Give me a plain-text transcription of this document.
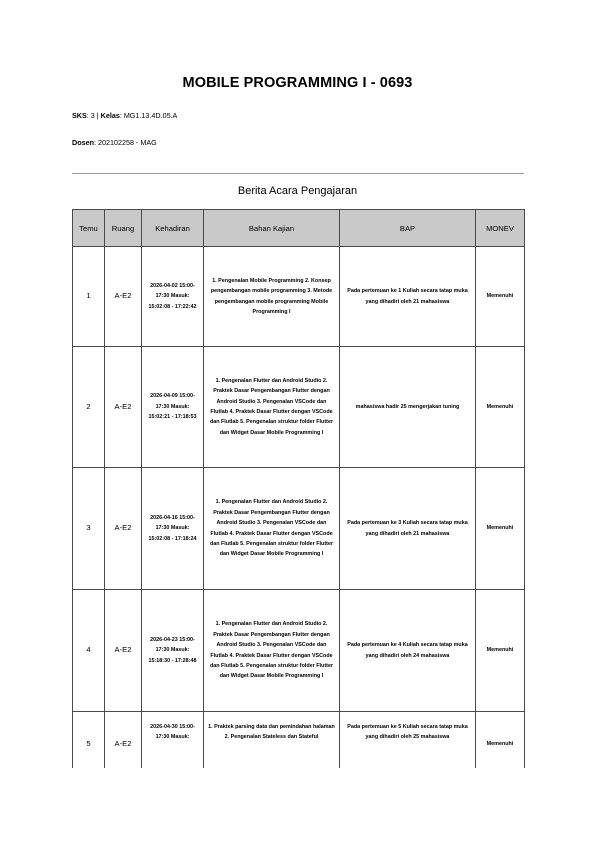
MOBILE PROGRAMMING I - 0693
SKS: 3 | Kelas: MG1.13.4D.05.A
Dosen: 202102258 - MAG
Berita Acara Pengajaran
Temu	Ruang	Kehadiran	Bahan Kajian	BAP	MONEV
1	A-E2	2026-04-02 15:00-17:30 Masuk: 15:02:08 - 17:22:42	1. Pengenalan Mobile Programming 2. Konsep pengembangan mobile programming 3. Metode pengembangan mobile programming Mobile Programming I	Pada pertemuan ke 1 Kuliah secara tatap muka yang dihadiri oleh 21 mahasiswa	Memenuhi
2	A-E2	2026-04-09 15:00-17:30 Masuk: 15:02:21 - 17:18:53	1. Pengenalan Flutter dan Android Studio 2. Praktek Dasar Pengembangan Flutter dengan Android Studio 3. Pengenalan VSCode dan Flutlab 4. Praktek Dasar Flutter dengan VSCode dan Flutlab 5. Pengenalan struktur folder Flutter dan Widget Dasar Mobile Programming I	mahasiswa hadir 25 mengerjakan tuning	Memenuhi
3	A-E2	2026-04-16 15:00-17:30 Masuk: 15:02:08 - 17:18:24	1. Pengenalan Flutter dan Android Studio 2. Praktek Dasar Pengembangan Flutter dengan Android Studio 3. Pengenalan VSCode dan Flutlab 4. Praktek Dasar Flutter dengan VSCode dan Flutlab 5. Pengenalan struktur folder Flutter dan Widget Dasar Mobile Programming I	Pada pertemuan ke 3 Kuliah secara tatap muka yang dihadiri oleh 21 mahasiswa	Memenuhi
4	A-E2	2026-04-23 15:00-17:30 Masuk: 15:18:30 - 17:28:48	1. Pengenalan Flutter dan Android Studio 2. Praktek Dasar Pengembangan Flutter dengan Android Studio 3. Pengenalan VSCode dan Flutlab 4. Praktek Dasar Flutter dengan VSCode dan Flutlab 5. Pengenalan struktur folder Flutter dan Widget Dasar Mobile Programming I	Pada pertemuan ke 4 Kuliah secara tatap muka yang dihadiri oleh 24 mahasiswa	Memenuhi
5	A-E2	2026-04-30 15:00-17:30 Masuk:	1. Praktek parsing data dan pemindahan halaman 2. Pengenalan Stateless dan Stateful	Pada pertemuan ke 5 Kuliah secara tatap muka yang dihadiri oleh 25 mahasiswa	Memenuhi
